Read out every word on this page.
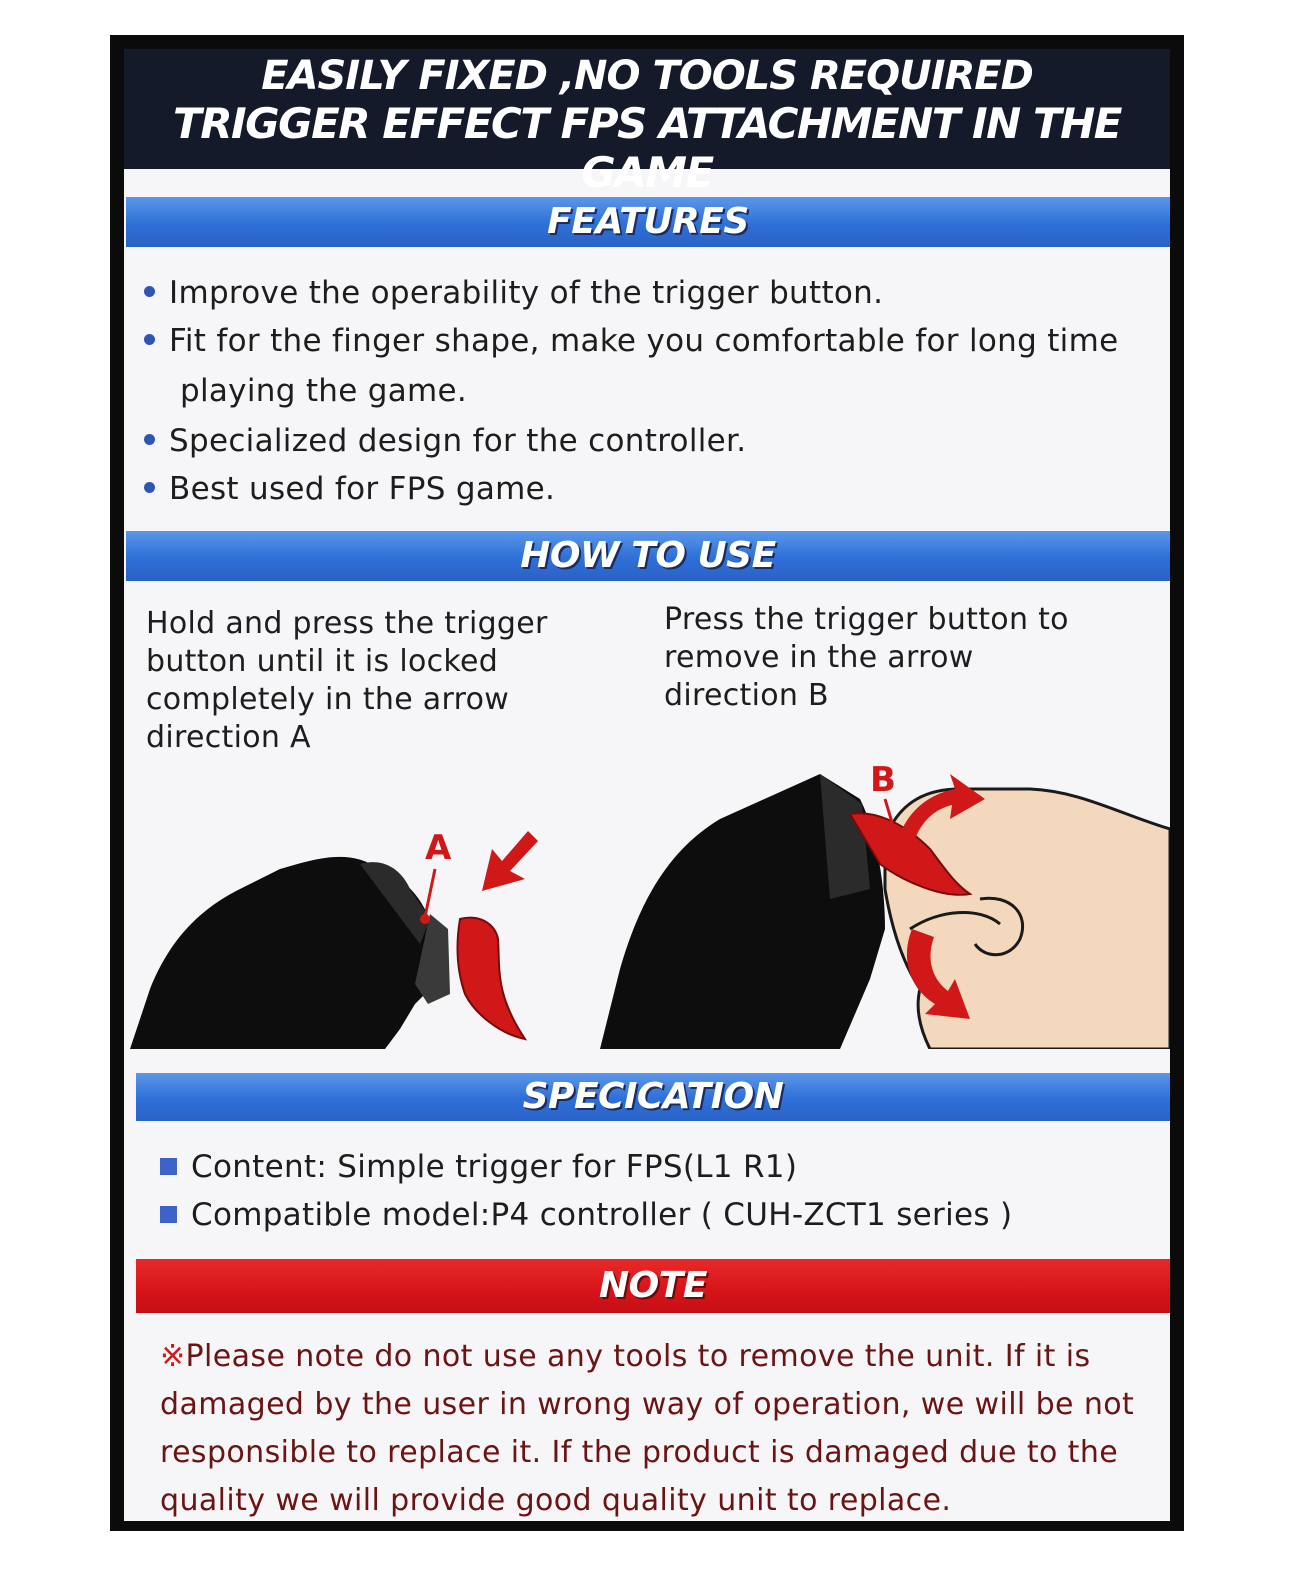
EASILY FIXED ,NO TOOLS REQUIRED
TRIGGER EFFECT FPS ATTACHMENT IN THE GAME
FEATURES
Improve the operability of the trigger button.
Fit for the finger shape, make you comfortable for long time
playing the game.
Specialized design for the controller.
Best used for FPS game.
HOW TO USE
Hold and press the trigger
button until it is locked
completely in the arrow
direction A
Press the trigger button to
remove in the arrow
direction B
A
B
SPECICATION
Content: Simple trigger for FPS(L1 R1)
Compatible model:P4 controller ( CUH-ZCT1 series )
NOTE
※Please note do not use any tools to remove the unit. If it is damaged by the user in wrong way of operation, we will be not responsible to replace it. If the product is damaged due to the quality we will provide good quality unit to replace.
